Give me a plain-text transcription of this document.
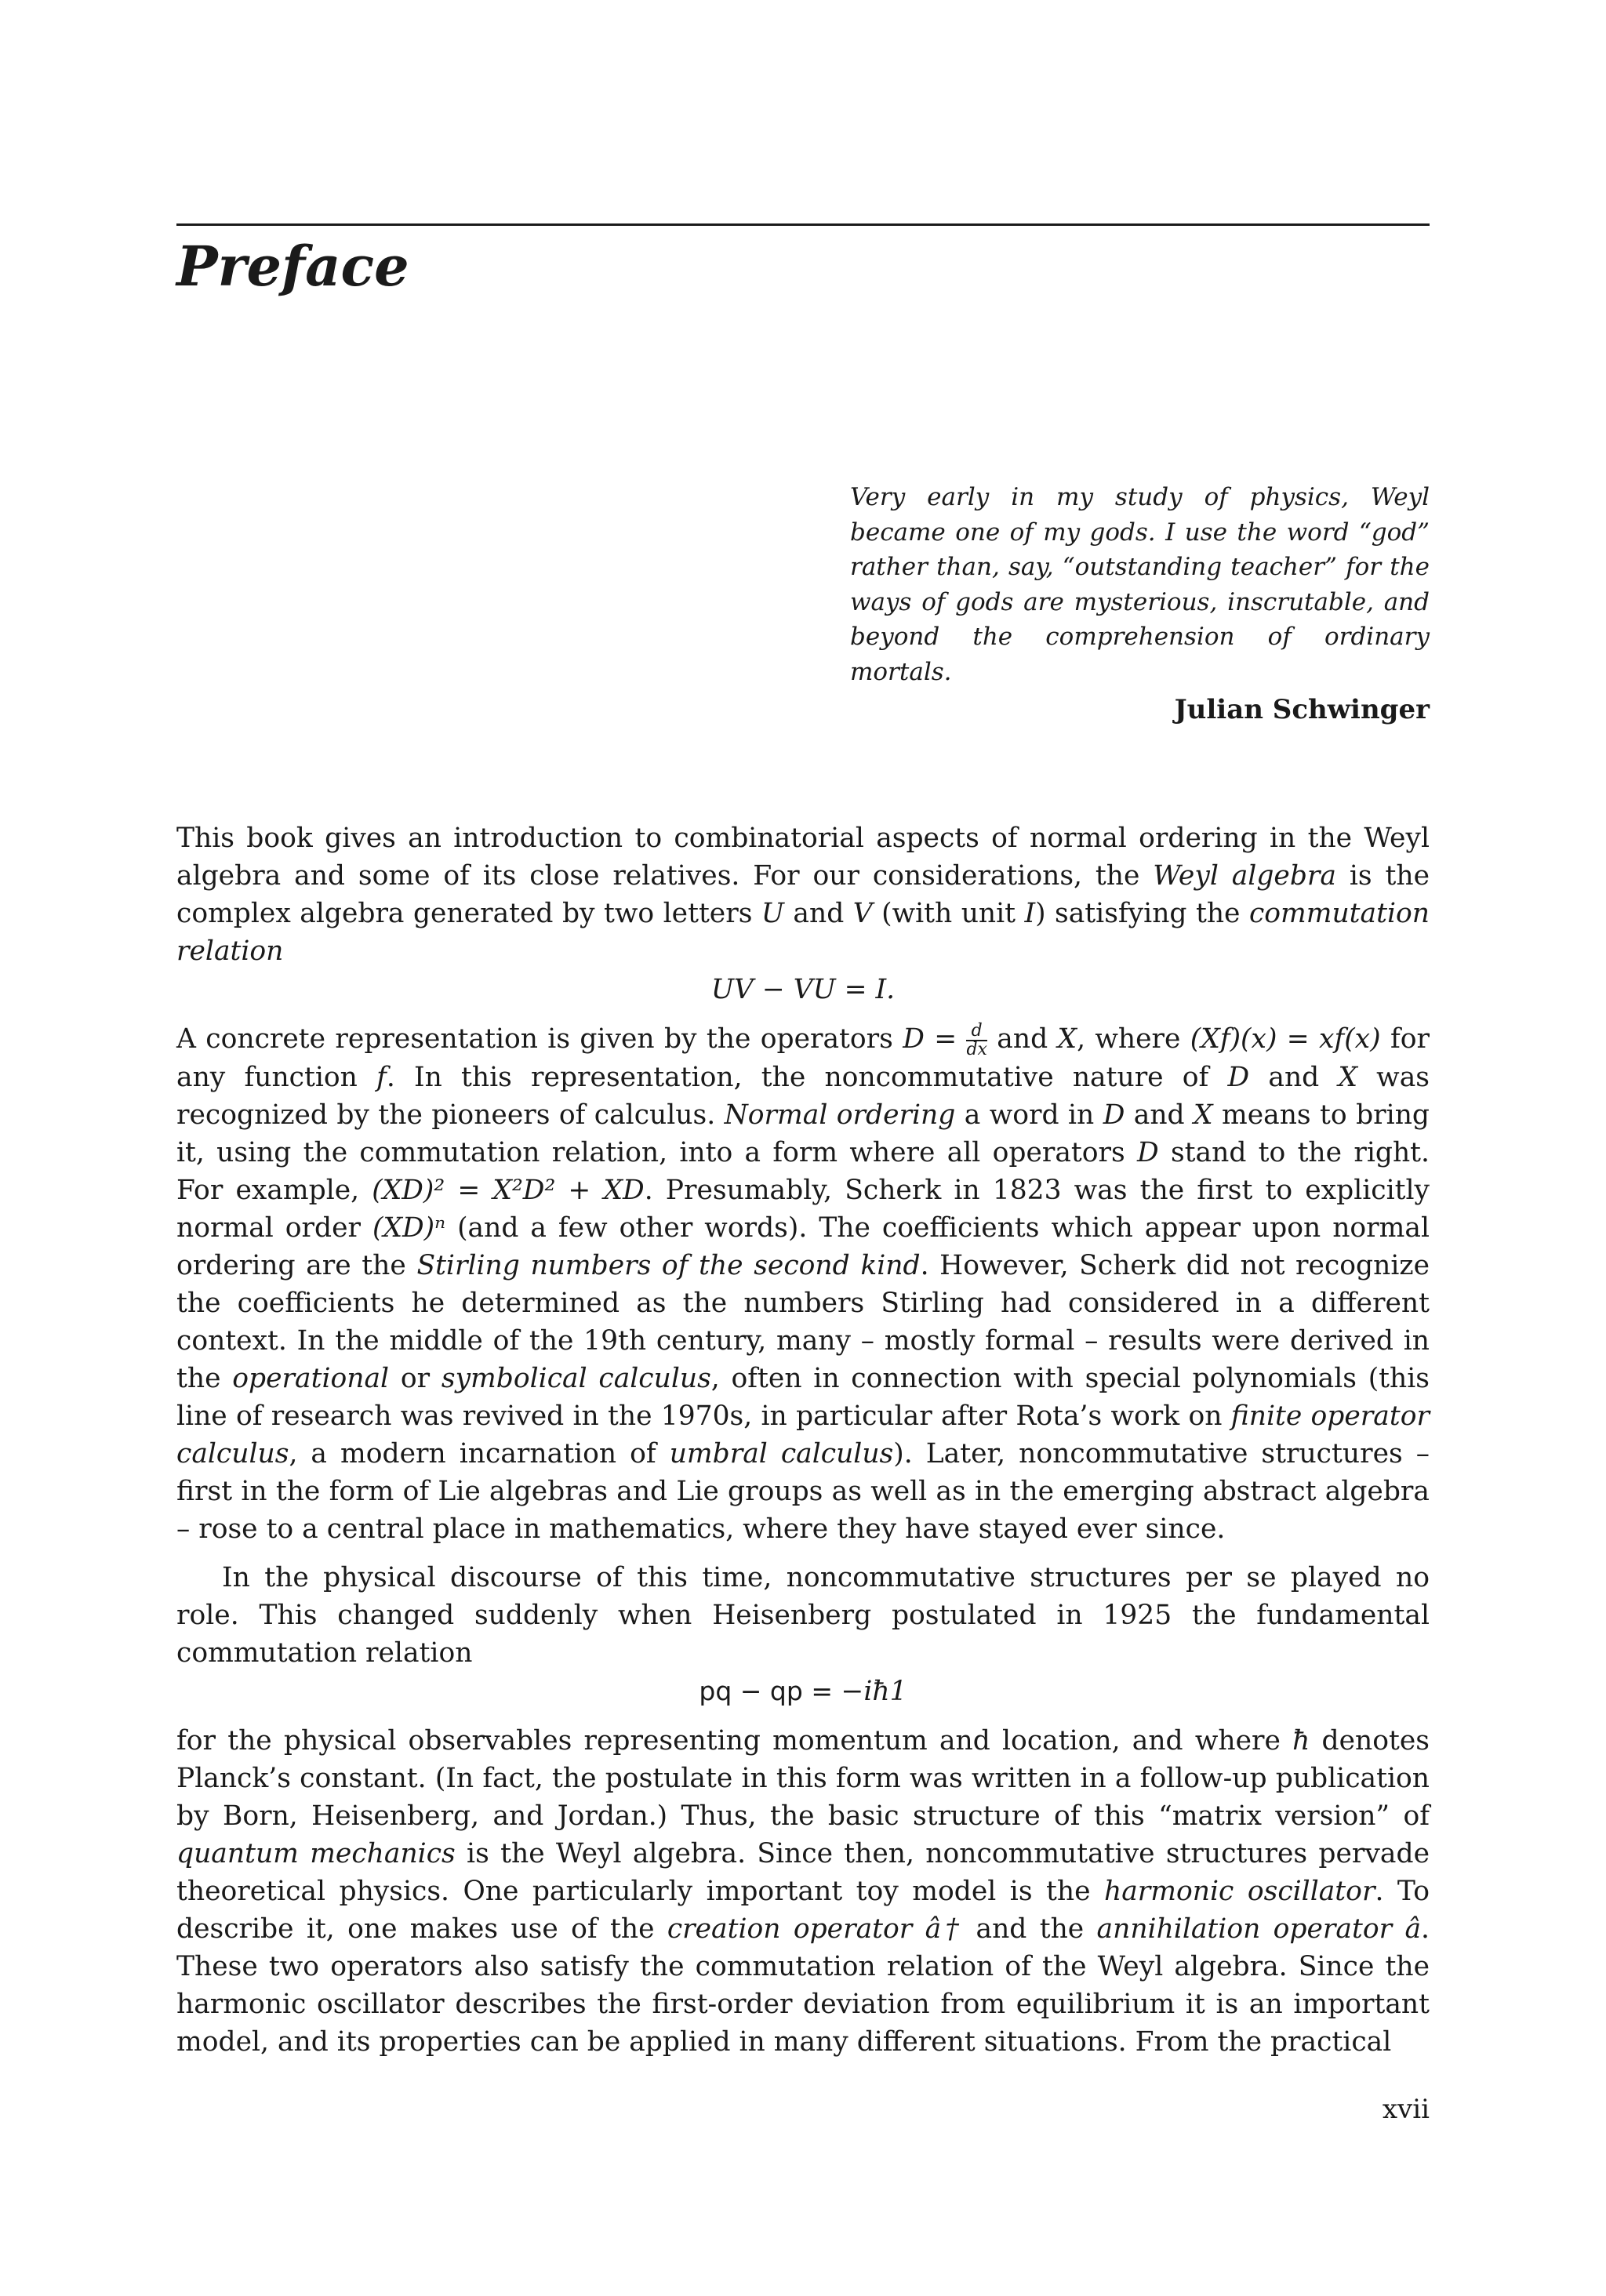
Preface

Very early in my study of physics, Weyl became one of my gods. I use the word “god” rather than, say, “outstanding teacher” for the ways of gods are mysterious, inscrutable, and beyond the comprehension of ordinary mortals.

Julian Schwinger

This book gives an introduction to combinatorial aspects of normal ordering in the Weyl algebra and some of its close relatives. For our considerations, the Weyl algebra is the complex algebra generated by two letters U and V (with unit I) satisfying the commutation relation

UV − VU = I.

A concrete representation is given by the operators $D = \frac{d}{dx}$ and X, where (Xf)(x) = xf(x) for any function f. In this representation, the noncommutative nature of D and X was recognized by the pioneers of calculus. Normal ordering a word in D and X means to bring it, using the commutation relation, into a form where all operators D stand to the right. For example, (XD)² = X²D² + XD. Presumably, Scherk in 1823 was the first to explicitly normal order (XD)ⁿ (and a few other words). The coefficients which appear upon normal ordering are the Stirling numbers of the second kind. However, Scherk did not recognize the coefficients he determined as the numbers Stirling had considered in a different context. In the middle of the 19th century, many – mostly formal – results were derived in the operational or symbolical calculus, often in connection with special polynomials (this line of research was revived in the 1970s, in particular after Rota’s work on finite operator calculus, a modern incarnation of umbral calculus). Later, noncommutative structures – first in the form of Lie algebras and Lie groups as well as in the emerging abstract algebra – rose to a central place in mathematics, where they have stayed ever since.

In the physical discourse of this time, noncommutative structures per se played no role. This changed suddenly when Heisenberg postulated in 1925 the fundamental commutation relation

pq − qp = −iħ1

for the physical observables representing momentum and location, and where ħ denotes Planck’s constant. (In fact, the postulate in this form was written in a follow-up publication by Born, Heisenberg, and Jordan.) Thus, the basic structure of this “matrix version” of quantum mechanics is the Weyl algebra. Since then, noncommutative structures pervade theoretical physics. One particularly important toy model is the harmonic oscillator. To describe it, one makes use of the creation operator â† and the annihilation operator â. These two operators also satisfy the commutation relation of the Weyl algebra. Since the harmonic oscillator describes the first-order deviation from equilibrium it is an important model, and its properties can be applied in many different situations. From the practical

xvii
